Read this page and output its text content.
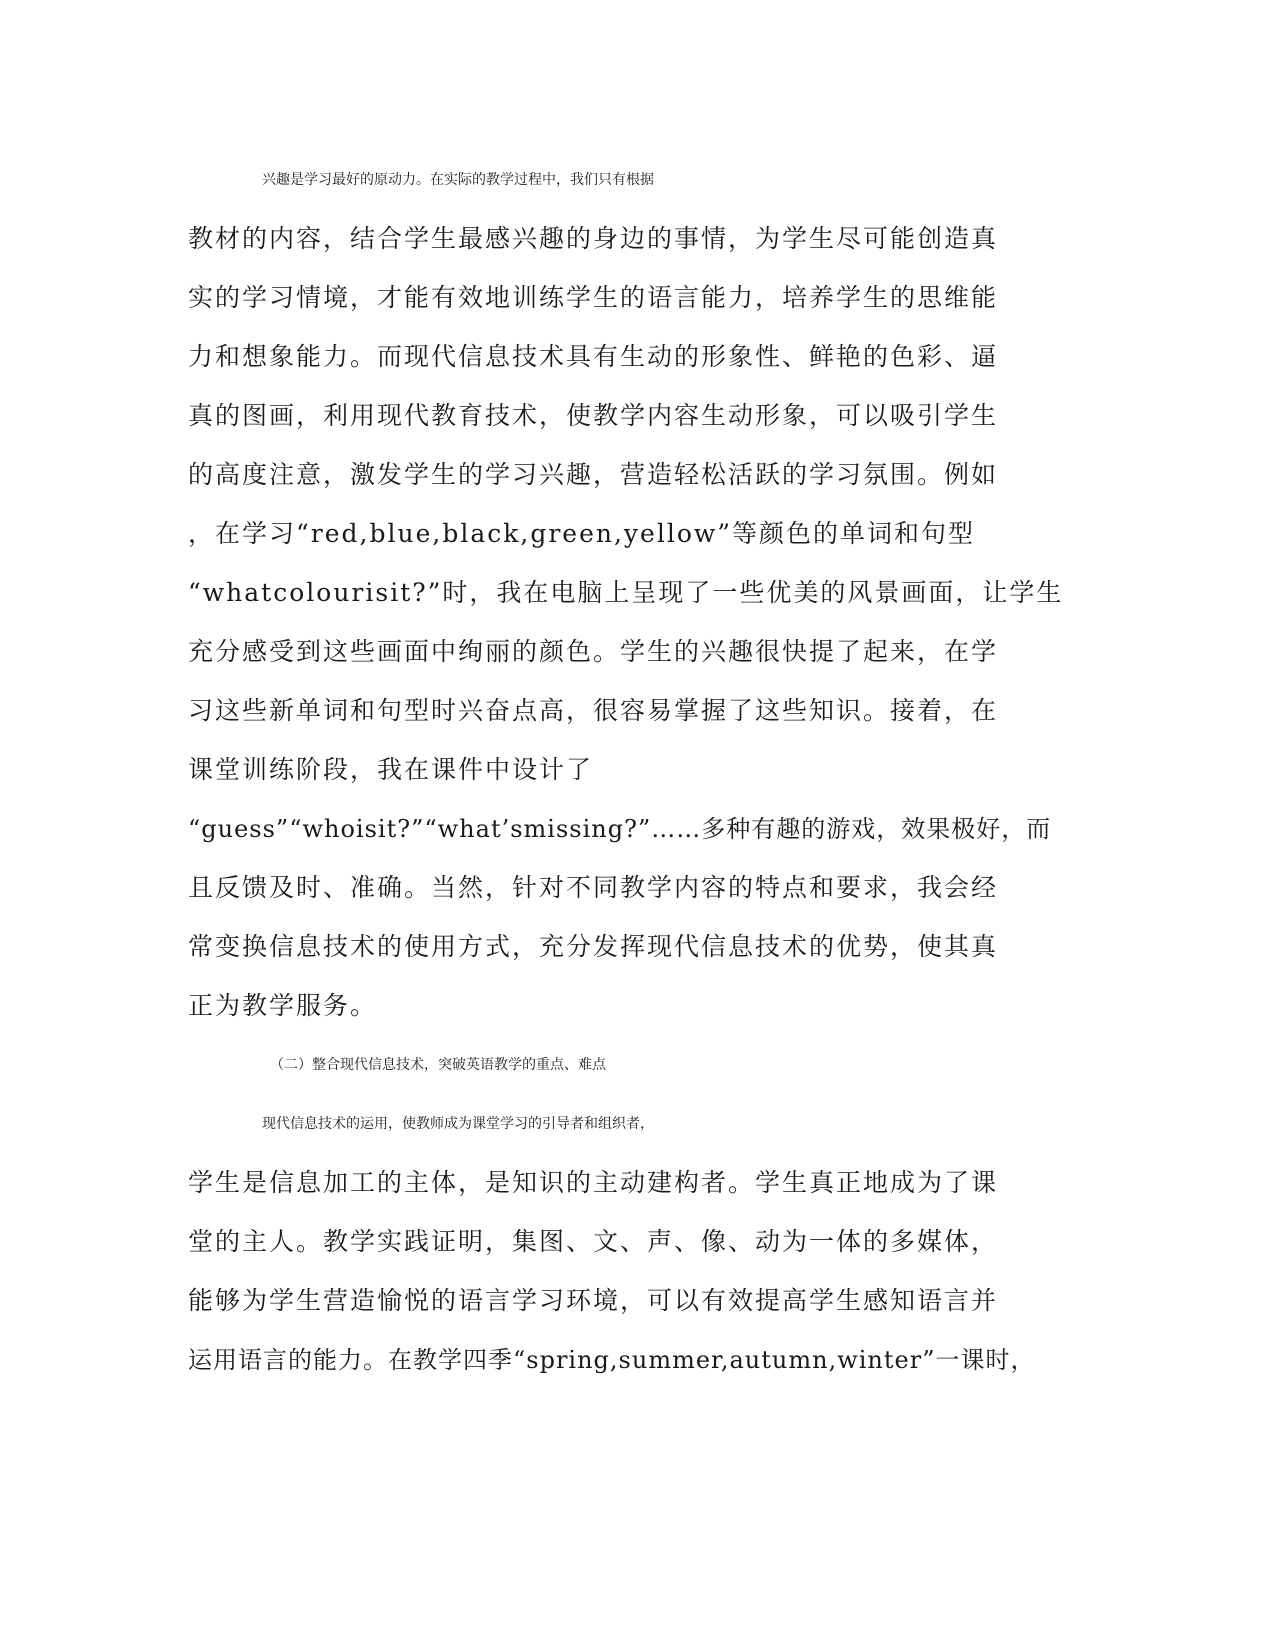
兴趣是学习最好的原动力。在实际的教学过程中，我们只有根据
教材的内容，结合学生最感兴趣的身边的事情，为学生尽可能创造真
实的学习情境，才能有效地训练学生的语言能力，培养学生的思维能
力和想象能力。而现代信息技术具有生动的形象性、鲜艳的色彩、逼
真的图画，利用现代教育技术，使教学内容生动形象，可以吸引学生
的高度注意，激发学生的学习兴趣，营造轻松活跃的学习氛围。例如
，在学习“red,blue,black,green,yellow”等颜色的单词和句型
“whatcolourisit?”时，我在电脑上呈现了一些优美的风景画面，让学生
充分感受到这些画面中绚丽的颜色。学生的兴趣很快提了起来，在学
习这些新单词和句型时兴奋点高，很容易掌握了这些知识。接着，在
课堂训练阶段，我在课件中设计了
“guess”“whoisit?”“what’smissing?”……多种有趣的游戏，效果极好，而
且反馈及时、准确。当然，针对不同教学内容的特点和要求，我会经
常变换信息技术的使用方式，充分发挥现代信息技术的优势，使其真
正为教学服务。
（二）整合现代信息技术，突破英语教学的重点、难点
现代信息技术的运用，使教师成为课堂学习的引导者和组织者，
学生是信息加工的主体，是知识的主动建构者。学生真正地成为了课
堂的主人。教学实践证明，集图、文、声、像、动为一体的多媒体，
能够为学生营造愉悦的语言学习环境，可以有效提高学生感知语言并
运用语言的能力。在教学四季“spring,summer,autumn,winter”一课时，
